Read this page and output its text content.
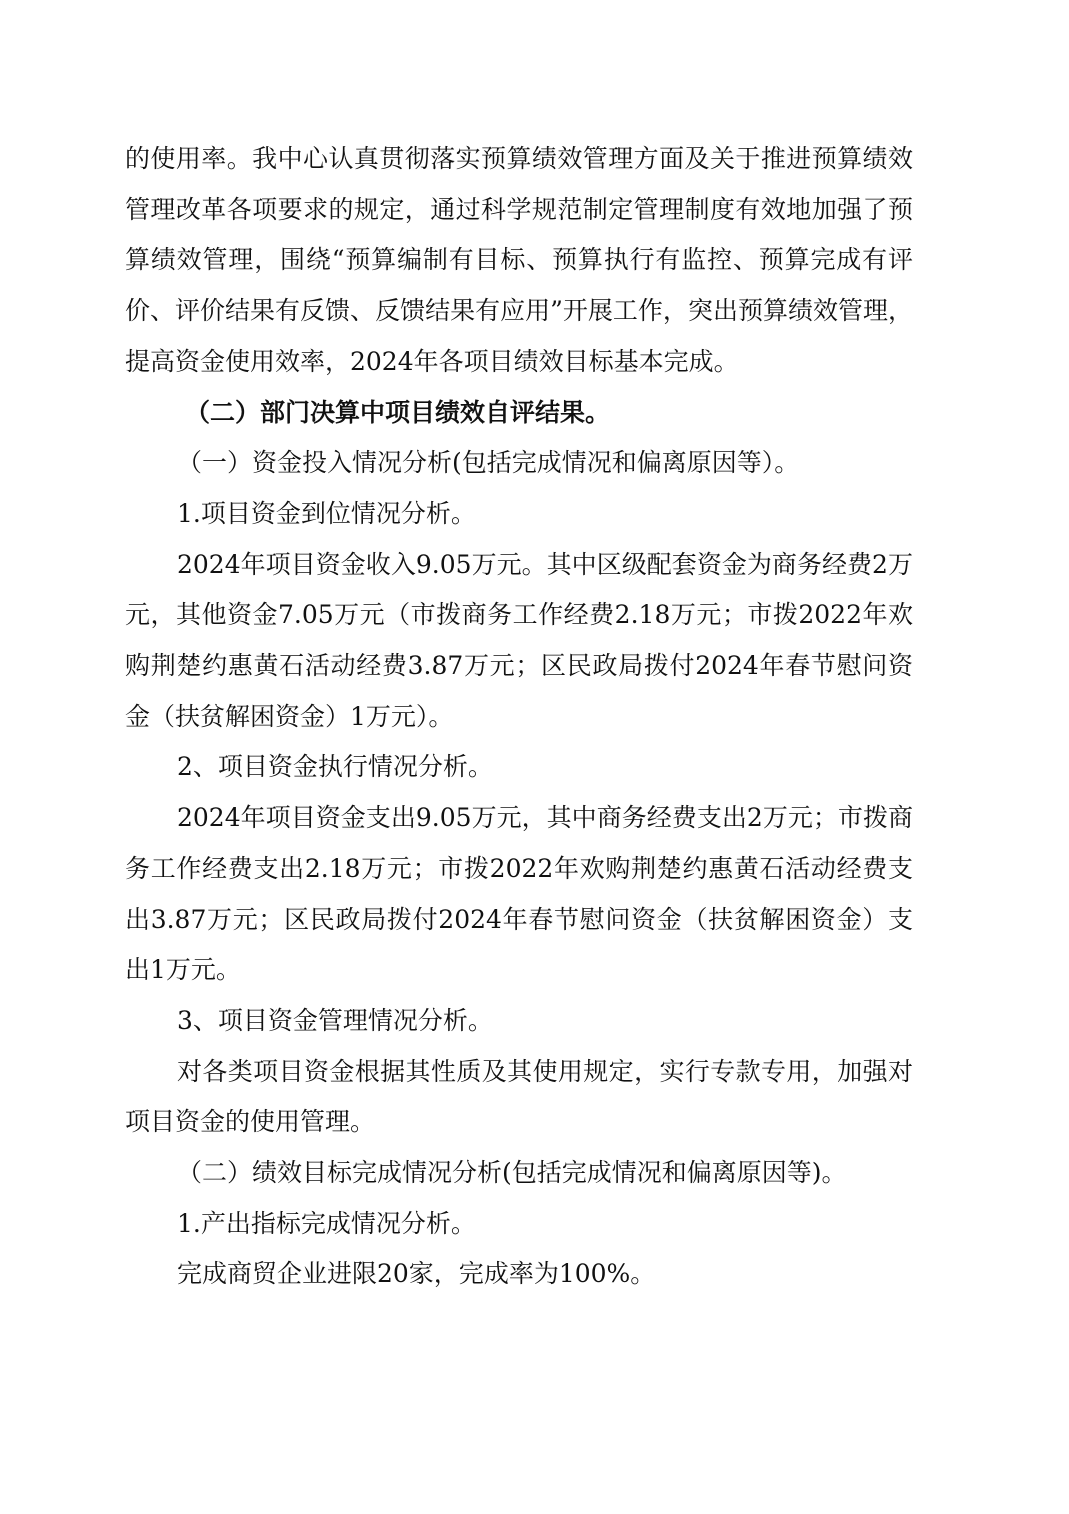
的使用率。我中心认真贯彻落实预算绩效管理方面及关于推进预算绩效管理改革各项要求的规定，通过科学规范制定管理制度有效地加强了预算绩效管理，围绕“预算编制有目标、预算执行有监控、预算完成有评价、评价结果有反馈、反馈结果有应用”开展工作，突出预算绩效管理，提高资金使用效率，2024年各项目绩效目标基本完成。

（二）部门决算中项目绩效自评结果。

（一）资金投入情况分析(包括完成情况和偏离原因等）。

1.项目资金到位情况分析。

2024年项目资金收入9.05万元。其中区级配套资金为商务经费2万元，其他资金7.05万元（市拨商务工作经费2.18万元；市拨2022年欢购荆楚约惠黄石活动经费3.87万元；区民政局拨付2024年春节慰问资金（扶贫解困资金）1万元）。

2、项目资金执行情况分析。

2024年项目资金支出9.05万元，其中商务经费支出2万元；市拨商务工作经费支出2.18万元；市拨2022年欢购荆楚约惠黄石活动经费支出3.87万元；区民政局拨付2024年春节慰问资金（扶贫解困资金）支出1万元。

3、项目资金管理情况分析。

对各类项目资金根据其性质及其使用规定，实行专款专用，加强对项目资金的使用管理。

（二）绩效目标完成情况分析(包括完成情况和偏离原因等)。

1.产出指标完成情况分析。

完成商贸企业进限20家，完成率为100%。
